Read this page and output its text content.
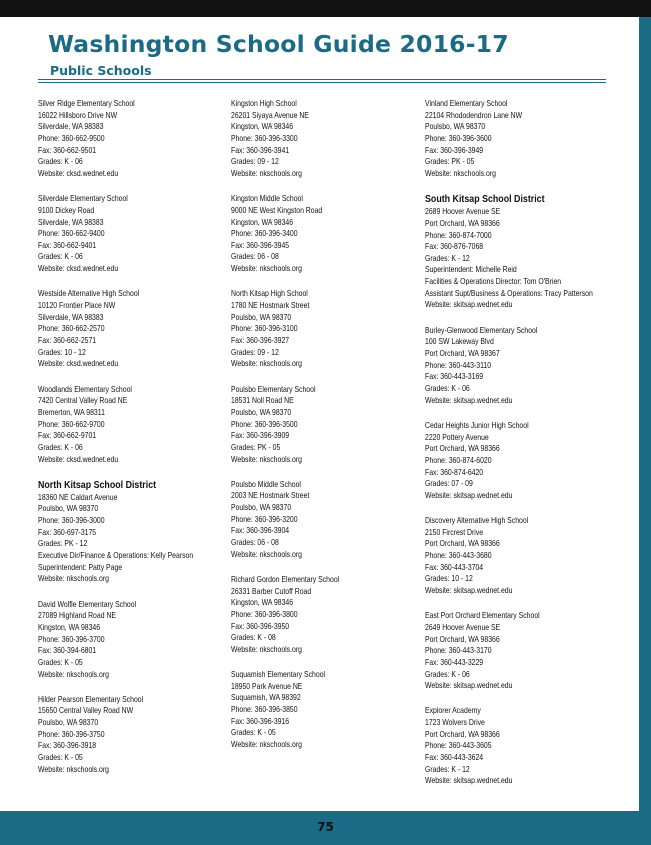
Washington School Guide 2016-17
Public Schools
Silver Ridge Elementary School
16022 Hillsboro Drive NW
Silverdale, WA 98383
Phone: 360-662-9500
Fax: 360-662-9501
Grades: K - 06
Website: cksd.wednet.edu
Silverdale Elementary School
9100 Dickey Road
Silverdale, WA 98383
Phone: 360-662-9400
Fax: 360-662-9401
Grades: K - 06
Website: cksd.wednet.edu
Westside Alternative High School
10120 Frontier Place NW
Silverdale, WA 98383
Phone: 360-662-2570
Fax: 360-662-2571
Grades: 10 - 12
Website: cksd.wednet.edu
Woodlands Elementary School
7420 Central Valley Road NE
Bremerton, WA 98311
Phone: 360-662-9700
Fax: 360-662-9701
Grades: K - 06
Website: cksd.wednet.edu
North Kitsap School District
18360 NE Caldart Avenue
Poulsbo, WA 98370
Phone: 360-396-3000
Fax: 360-697-3175
Grades: PK - 12
Executive Dir/Finance & Operations: Kelly Pearson
Superintendent: Patty Page
Website: nkschools.org
David Wolfle Elementary School
27089 Highland Road NE
Kingston, WA 98346
Phone: 360-396-3700
Fax: 360-394-6801
Grades: K - 05
Website: nkschools.org
Hilder Pearson Elementary School
15650 Central Valley Road NW
Poulsbo, WA 98370
Phone: 360-396-3750
Fax: 360-396-3918
Grades: K - 05
Website: nkschools.org
Kingston High School
26201 Siyaya Avenue NE
Kingston, WA 98346
Phone: 360-396-3300
Fax: 360-396-3941
Grades: 09 - 12
Website: nkschools.org
Kingston Middle School
9000 NE West Kingston Road
Kingston, WA 98346
Phone: 360-396-3400
Fax: 360-396-3945
Grades: 06 - 08
Website: nkschools.org
North Kitsap High School
1780 NE Hostmark Street
Poulsbo, WA 98370
Phone: 360-396-3100
Fax: 360-396-3927
Grades: 09 - 12
Website: nkschools.org
Poulsbo Elementary School
18531 Noll Road NE
Poulsbo, WA 98370
Phone: 360-396-3500
Fax: 360-396-3909
Grades: PK - 05
Website: nkschools.org
Poulsbo Middle School
2003 NE Hostmark Street
Poulsbo, WA 98370
Phone: 360-396-3200
Fax: 360-396-3904
Grades: 06 - 08
Website: nkschools.org
Richard Gordon Elementary School
26331 Barber Cutoff Road
Kingston, WA 98346
Phone: 360-396-3800
Fax: 360-396-3950
Grades: K - 08
Website: nkschools.org
Suquamish Elementary School
18950 Park Avenue NE
Suquamish, WA 98392
Phone: 360-396-3850
Fax: 360-396-3916
Grades: K - 05
Website: nkschools.org
Vinland Elementary School
22104 Rhododendron Lane NW
Poulsbo, WA 98370
Phone: 360-396-3600
Fax: 360-396-3949
Grades: PK - 05
Website: nkschools.org
South Kitsap School District
2689 Hoover Avenue SE
Port Orchard, WA 98366
Phone: 360-874-7000
Fax: 360-876-7068
Grades: K - 12
Superintendent: Michelle Reid
Facilities & Operations Director: Tom O'Brien
Assistant Supt/Business & Operations: Tracy Patterson
Website: skitsap.wednet.edu
Burley-Glenwood Elementary School
100 SW Lakeway Blvd
Port Orchard, WA 98367
Phone: 360-443-3110
Fax: 360-443-3169
Grades: K - 06
Website: skitsap.wednet.edu
Cedar Heights Junior High School
2220 Pottery Avenue
Port Orchard, WA 98366
Phone: 360-874-6020
Fax: 360-874-6420
Grades: 07 - 09
Website: skitsap.wednet.edu
Discovery Alternative High School
2150 Fircrest Drive
Port Orchard, WA 98366
Phone: 360-443-3680
Fax: 360-443-3704
Grades: 10 - 12
Website: skitsap.wednet.edu
East Port Orchard Elementary School
2649 Hoover Avenue SE
Port Orchard, WA 98366
Phone: 360-443-3170
Fax: 360-443-3229
Grades: K - 06
Website: skitsap.wednet.edu
Explorer Academy
1723 Wolvers Drive
Port Orchard, WA 98366
Phone: 360-443-3605
Fax: 360-443-3624
Grades: K - 12
Website: skitsap.wednet.edu
75
